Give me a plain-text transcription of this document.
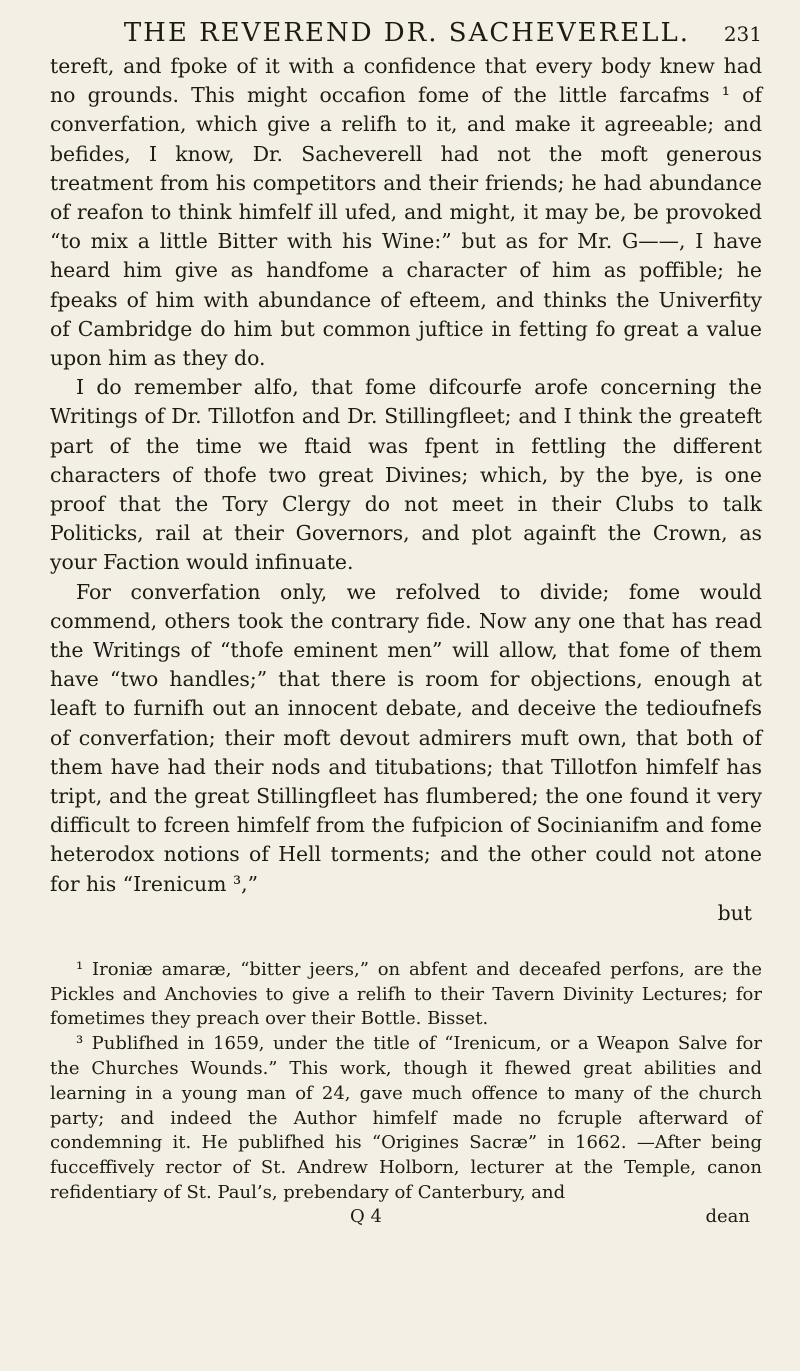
THE REVEREND DR. SACHEVERELL.	231

tereft, and fpoke of it with a confidence that every body knew had no grounds. This might occafion fome of the little farcafms ¹ of converfation, which give a relifh to it, and make it agreeable; and befides, I know, Dr. Sacheverell had not the moft generous treatment from his competitors and their friends; he had abundance of reafon to think himfelf ill ufed, and might, it may be, be provoked “to mix a little Bitter with his Wine:” but as for Mr. G——, I have heard him give as handfome a character of him as poffible; he fpeaks of him with abundance of efteem, and thinks the Univerfity of Cambridge do him but common juftice in fetting fo great a value upon him as they do.

I do remember alfo, that fome difcourfe arofe concerning the Writings of Dr. Tillotfon and Dr. Stillingfleet; and I think the greateft part of the time we ftaid was fpent in fettling the different characters of thofe two great Divines; which, by the bye, is one proof that the Tory Clergy do not meet in their Clubs to talk Politicks, rail at their Governors, and plot againft the Crown, as your Faction would infinuate.

For converfation only, we refolved to divide; fome would commend, others took the contrary fide. Now any one that has read the Writings of “thofe eminent men” will allow, that fome of them have “two handles;” that there is room for objections, enough at leaft to furnifh out an innocent debate, and deceive the tedioufnefs of converfation; their moft devout admirers muft own, that both of them have had their nods and titubations; that Tillotfon himfelf has tript, and the great Stillingfleet has flumbered; the one found it very difficult to fcreen himfelf from the fufpicion of Socinianifm and fome heterodox notions of Hell torments; and the other could not atone for his “Irenicum ³,”

but

¹ Ironiæ amaræ, “bitter jeers,” on abfent and deceafed perfons, are the Pickles and Anchovies to give a relifh to their Tavern Divinity Lectures; for fometimes they preach over their Bottle. Bisset.

³ Publifhed in 1659, under the title of “Irenicum, or a Weapon Salve for the Churches Wounds.” This work, though it fhewed great abilities and learning in a young man of 24, gave much offence to many of the church party; and indeed the Author himfelf made no fcruple afterward of condemning it. He publifhed his “Origines Sacræ” in 1662. —After being fucceffively rector of St. Andrew Holborn, lecturer at the Temple, canon refidentiary of St. Paul’s, prebendary of Canterbury, and

Q 4	dean
